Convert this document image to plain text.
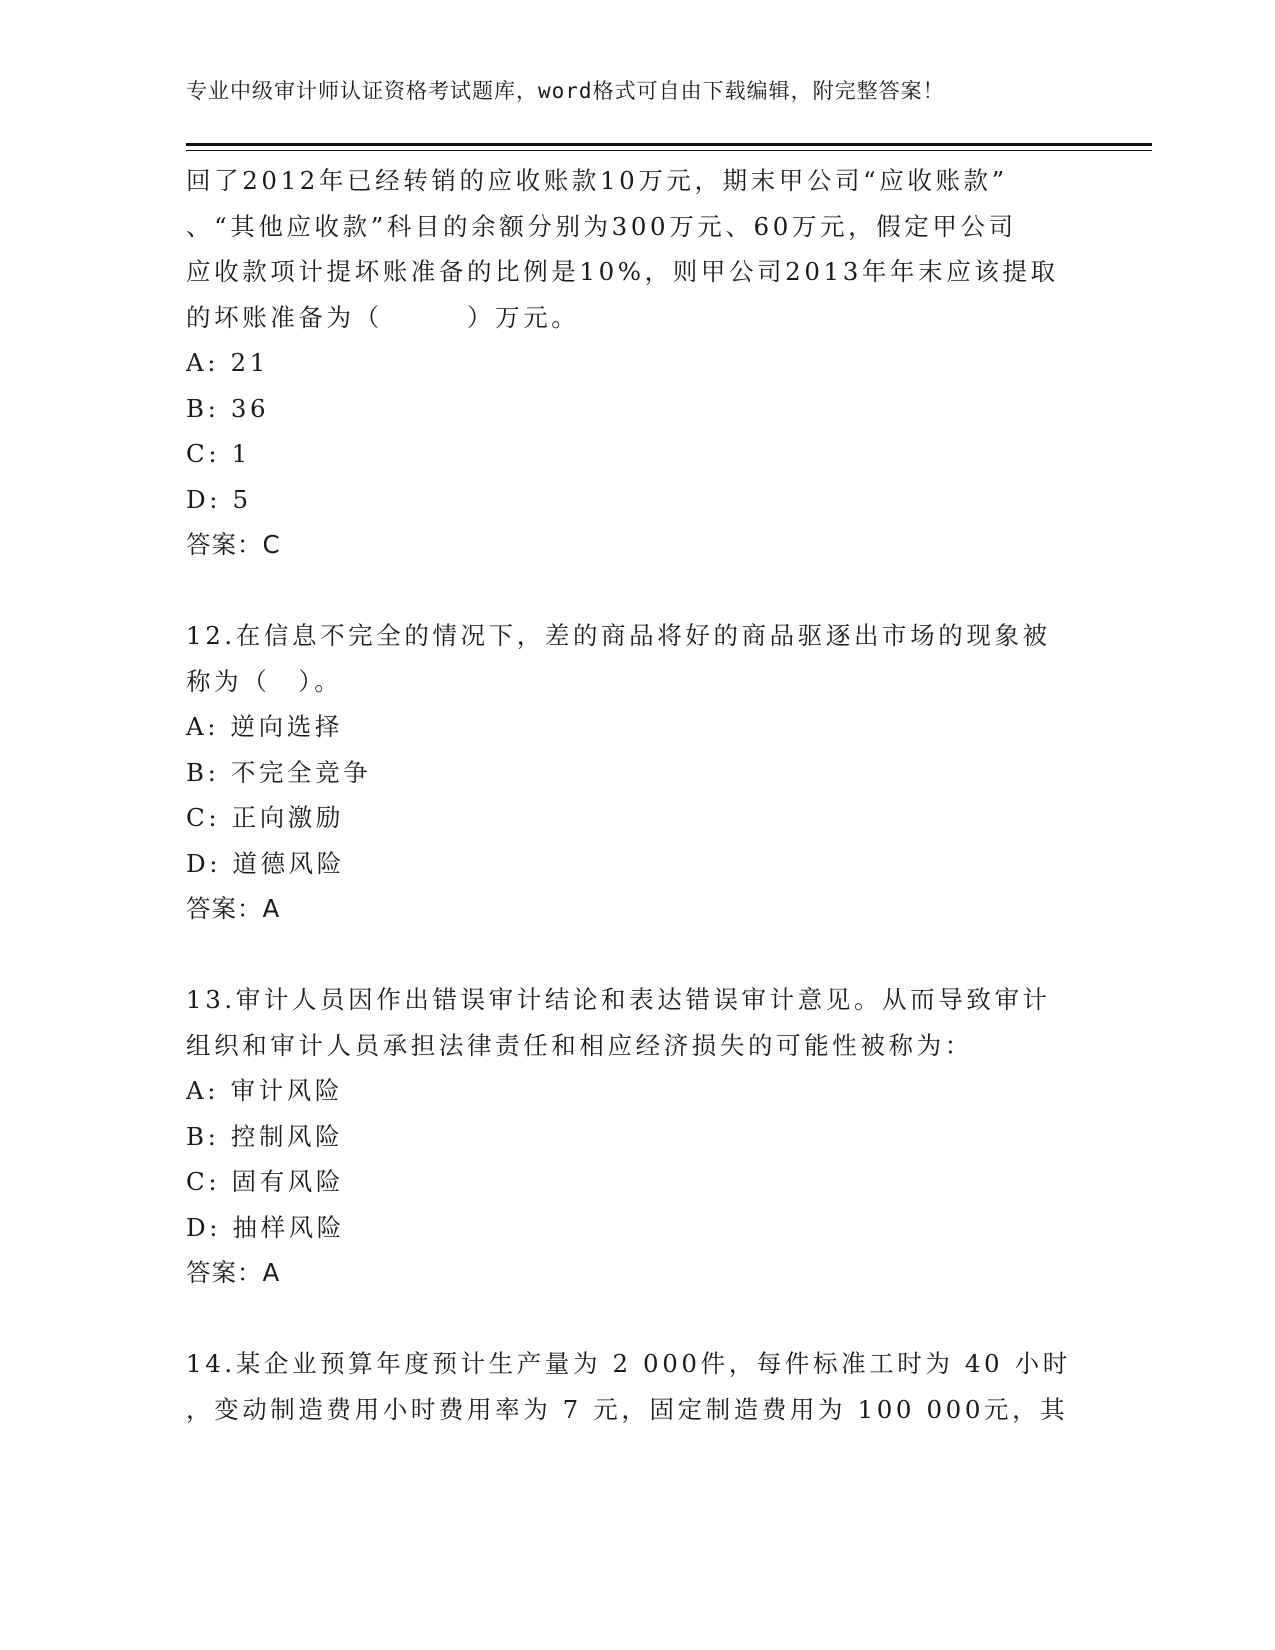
专业中级审计师认证资格考试题库，word格式可自由下载编辑，附完整答案！
回了2012年已经转销的应收账款10万元，期末甲公司“应收账款”
、“其他应收款”科目的余额分别为300万元、60万元，假定甲公司
应收款项计提坏账准备的比例是10%，则甲公司2013年年末应该提取
的坏账准备为（　　　）万元。
A: 21
B: 36
C: 1
D: 5
答案：C
12.在信息不完全的情况下，差的商品将好的商品驱逐出市场的现象被
称为（　）。
A: 逆向选择
B: 不完全竞争
C: 正向激励
D: 道德风险
答案：A
13.审计人员因作出错误审计结论和表达错误审计意见。从而导致审计
组织和审计人员承担法律责任和相应经济损失的可能性被称为：
A: 审计风险
B: 控制风险
C: 固有风险
D: 抽样风险
答案：A
14.某企业预算年度预计生产量为 2 000件，每件标准工时为 40 小时
，变动制造费用小时费用率为 7 元，固定制造费用为 100 000元，其
